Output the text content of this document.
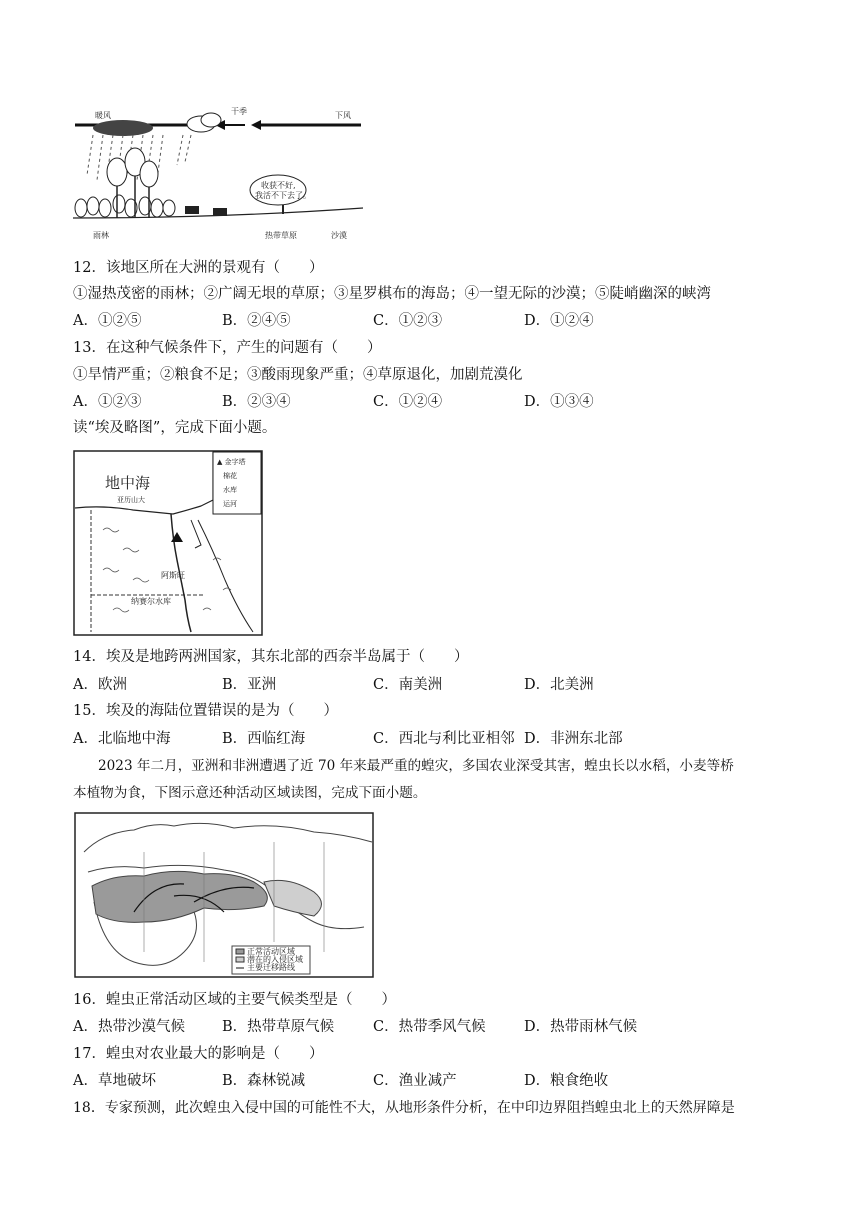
暖风	干季	下风
收获不好,
我活不下去了。
雨林	热带草原	沙漠
12．该地区所在大洲的景观有（　　）
①湿热茂密的雨林；②广阔无垠的草原；③星罗棋布的海岛；④一望无际的沙漠；⑤陡峭幽深的峡湾
A．①②⑤	B．②④⑤	C．①②③	D．①②④
13．在这种气候条件下，产生的问题有（　　）
①旱情严重；②粮食不足；③酸雨现象严重；④草原退化，加剧荒漠化
A．①②③	B．②③④	C．①②④	D．①③④
读“埃及略图”，完成下面小题。
▲ 金字塔
棉花
水库
运河
地中海
亚历山大
阿斯旺
纳赛尔水库
14．埃及是地跨两洲国家，其东北部的西奈半岛属于（　　）
A．欧洲	B．亚洲	C．南美洲	D．北美洲
15．埃及的海陆位置错误的是为（　　）
A．北临地中海	B．西临红海	C．西北与利比亚相邻 D．非洲东北部
2023 年二月，亚洲和非洲遭遇了近 70 年来最严重的蝗灾，多国农业深受其害，蝗虫长以水稻，小麦等桥
本植物为食，下图示意还种活动区域读图，完成下面小题。
正常活动区域
潜在的入侵区域
主要迁移路线
16．蝗虫正常活动区域的主要气候类型是（　　）
A．热带沙漠气候	B．热带草原气候	C．热带季风气候	D．热带雨林气候
17．蝗虫对农业最大的影响是（　　）
A．草地破坏	B．森林锐减	C．渔业减产	D．粮食绝收
18．专家预测，此次蝗虫入侵中国的可能性不大，从地形条件分析，在中印边界阻挡蝗虫北上的天然屏障是
